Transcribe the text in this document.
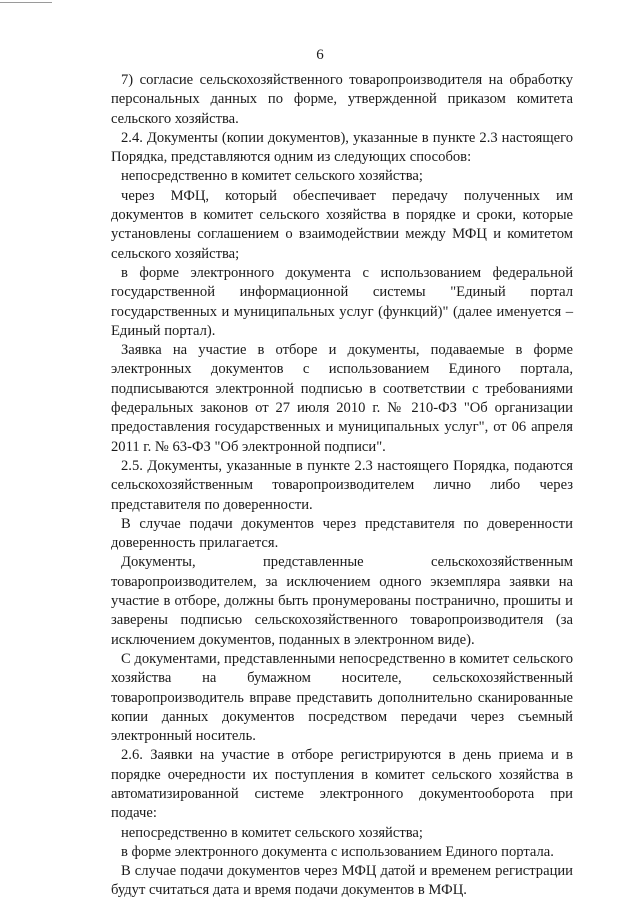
6

7) согласие сельскохозяйственного товаропроизводителя на обработку персональных данных по форме, утвержденной приказом комитета сельского хозяйства.

2.4. Документы (копии документов), указанные в пункте 2.3 настоящего Порядка, представляются одним из следующих способов:

непосредственно в комитет сельского хозяйства;

через МФЦ, который обеспечивает передачу полученных им документов в комитет сельского хозяйства в порядке и сроки, которые установлены соглашением о взаимодействии между МФЦ и комитетом сельского хозяйства;

в форме электронного документа с использованием федеральной государственной информационной системы "Единый портал государственных и муниципальных услуг (функций)" (далее именуется – Единый портал).

Заявка на участие в отборе и документы, подаваемые в форме электронных документов с использованием Единого портала, подписываются электронной подписью в соответствии с требованиями федеральных законов от 27 июля 2010 г. № 210-ФЗ "Об организации предоставления государственных и муниципальных услуг", от 06 апреля 2011 г. № 63-ФЗ "Об электронной подписи".

2.5. Документы, указанные в пункте 2.3 настоящего Порядка, подаются сельскохозяйственным товаропроизводителем лично либо через представителя по доверенности.

В случае подачи документов через представителя по доверенности доверенность прилагается.

Документы, представленные сельскохозяйственным товаропроизводителем, за исключением одного экземпляра заявки на участие в отборе, должны быть пронумерованы постранично, прошиты и заверены подписью сельскохозяйственного товаропроизводителя (за исключением документов, поданных в электронном виде).

С документами, представленными непосредственно в комитет сельского хозяйства на бумажном носителе, сельскохозяйственный товаропроизводитель вправе представить дополнительно сканированные копии данных документов посредством передачи через съемный электронный носитель.

2.6. Заявки на участие в отборе регистрируются в день приема и в порядке очередности их поступления в комитет сельского хозяйства в автоматизированной системе электронного документооборота при подаче:

непосредственно в комитет сельского хозяйства;

в форме электронного документа с использованием Единого портала.

В случае подачи документов через МФЦ датой и временем регистрации будут считаться дата и время подачи документов в МФЦ.
